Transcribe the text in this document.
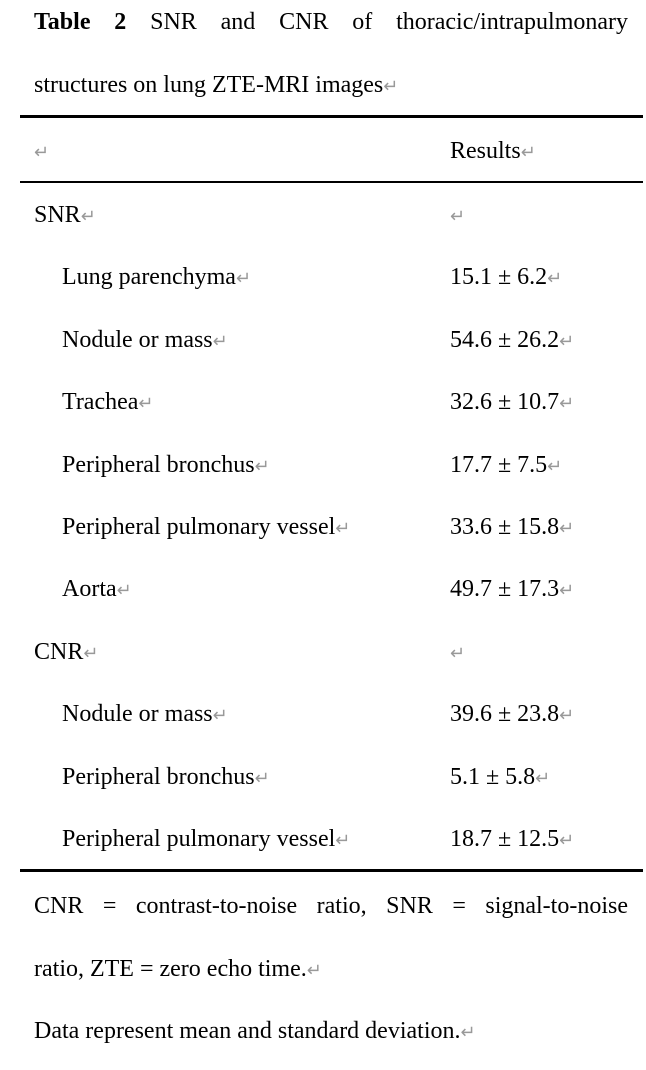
Table 2 SNR and CNR of thoracic/intrapulmonary
structures on lung ZTE-MRI images↵
↵	Results↵
SNR↵	↵
Lung parenchyma↵	15.1 ± 6.2↵
Nodule or mass↵	54.6 ± 26.2↵
Trachea↵	32.6 ± 10.7↵
Peripheral bronchus↵	17.7 ± 7.5↵
Peripheral pulmonary vessel↵	33.6 ± 15.8↵
Aorta↵	49.7 ± 17.3↵
CNR↵	↵
Nodule or mass↵	39.6 ± 23.8↵
Peripheral bronchus↵	5.1 ± 5.8↵
Peripheral pulmonary vessel↵	18.7 ± 12.5↵
CNR = contrast-to-noise ratio, SNR = signal-to-noise
ratio, ZTE = zero echo time.↵
Data represent mean and standard deviation.↵
